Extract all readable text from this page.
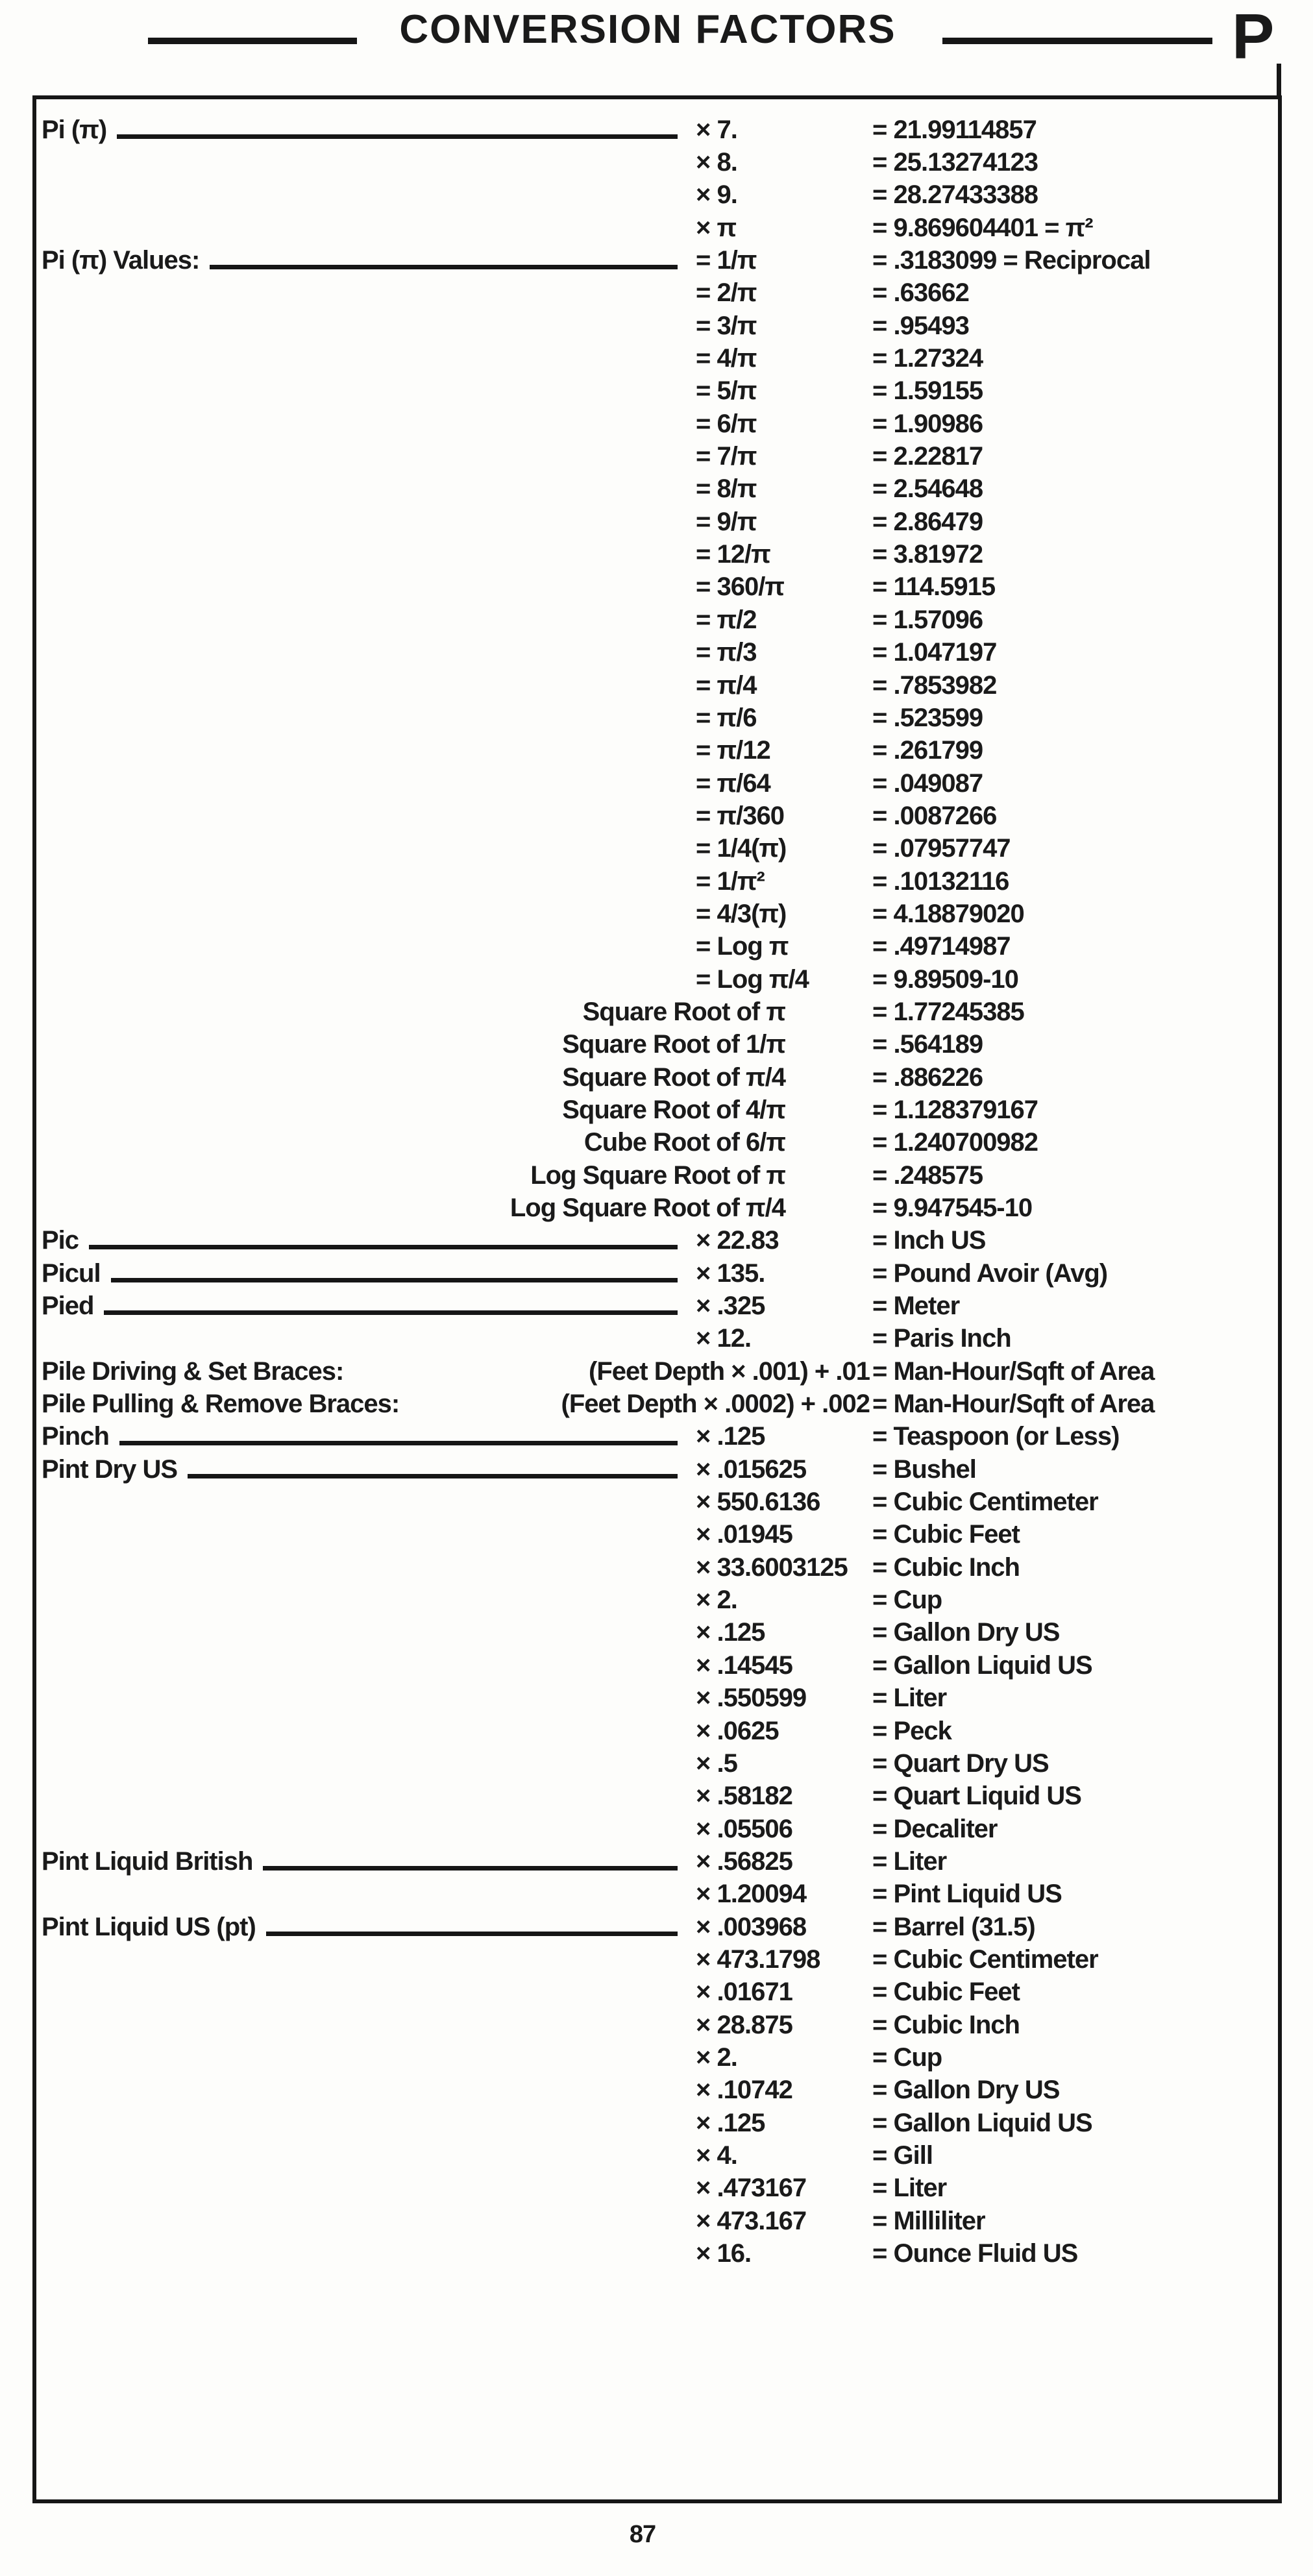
CONVERSION FACTORS	P
Pi (π)	× 7.	= 21.99114857
× 8.	= 25.13274123
× 9.	= 28.27433388
× π	= 9.869604401 = π²
Pi (π) Values:	= 1/π	= .3183099 = Reciprocal
= 2/π	= .63662
= 3/π	= .95493
= 4/π	= 1.27324
= 5/π	= 1.59155
= 6/π	= 1.90986
= 7/π	= 2.22817
= 8/π	= 2.54648
= 9/π	= 2.86479
= 12/π	= 3.81972
= 360/π	= 114.5915
= π/2	= 1.57096
= π/3	= 1.047197
= π/4	= .7853982
= π/6	= .523599
= π/12	= .261799
= π/64	= .049087
= π/360	= .0087266
= 1/4(π)	= .07957747
= 1/π²	= .10132116
= 4/3(π)	= 4.18879020
= Log π	= .49714987
= Log π/4	= 9.89509-10
Square Root of π	= 1.77245385
Square Root of 1/π	= .564189
Square Root of π/4	= .886226
Square Root of 4/π	= 1.128379167
Cube Root of 6/π	= 1.240700982
Log Square Root of π	= .248575
Log Square Root of π/4	= 9.947545-10
Pic	× 22.83	= Inch US
Picul	× 135.	= Pound Avoir (Avg)
Pied	× .325	= Meter
× 12.	= Paris Inch
Pile Driving & Set Braces:	(Feet Depth × .001) + .01 = Man-Hour/Sqft of Area
Pile Pulling & Remove Braces:	(Feet Depth × .0002) + .002 = Man-Hour/Sqft of Area
Pinch	× .125	= Teaspoon (or Less)
Pint Dry US	× .015625	= Bushel
× 550.6136	= Cubic Centimeter
× .01945	= Cubic Feet
× 33.6003125 = Cubic Inch
× 2.	= Cup
× .125	= Gallon Dry US
× .14545	= Gallon Liquid US
× .550599	= Liter
× .0625	= Peck
× .5	= Quart Dry US
× .58182	= Quart Liquid US
× .05506	= Decaliter
Pint Liquid British	× .56825	= Liter
× 1.20094	= Pint Liquid US
Pint Liquid US (pt)	× .003968	= Barrel (31.5)
× 473.1798	= Cubic Centimeter
× .01671	= Cubic Feet
× 28.875	= Cubic Inch
× 2.	= Cup
× .10742	= Gallon Dry US
× .125	= Gallon Liquid US
× 4.	= Gill
× .473167	= Liter
× 473.167	= Milliliter
× 16.	= Ounce Fluid US
87
